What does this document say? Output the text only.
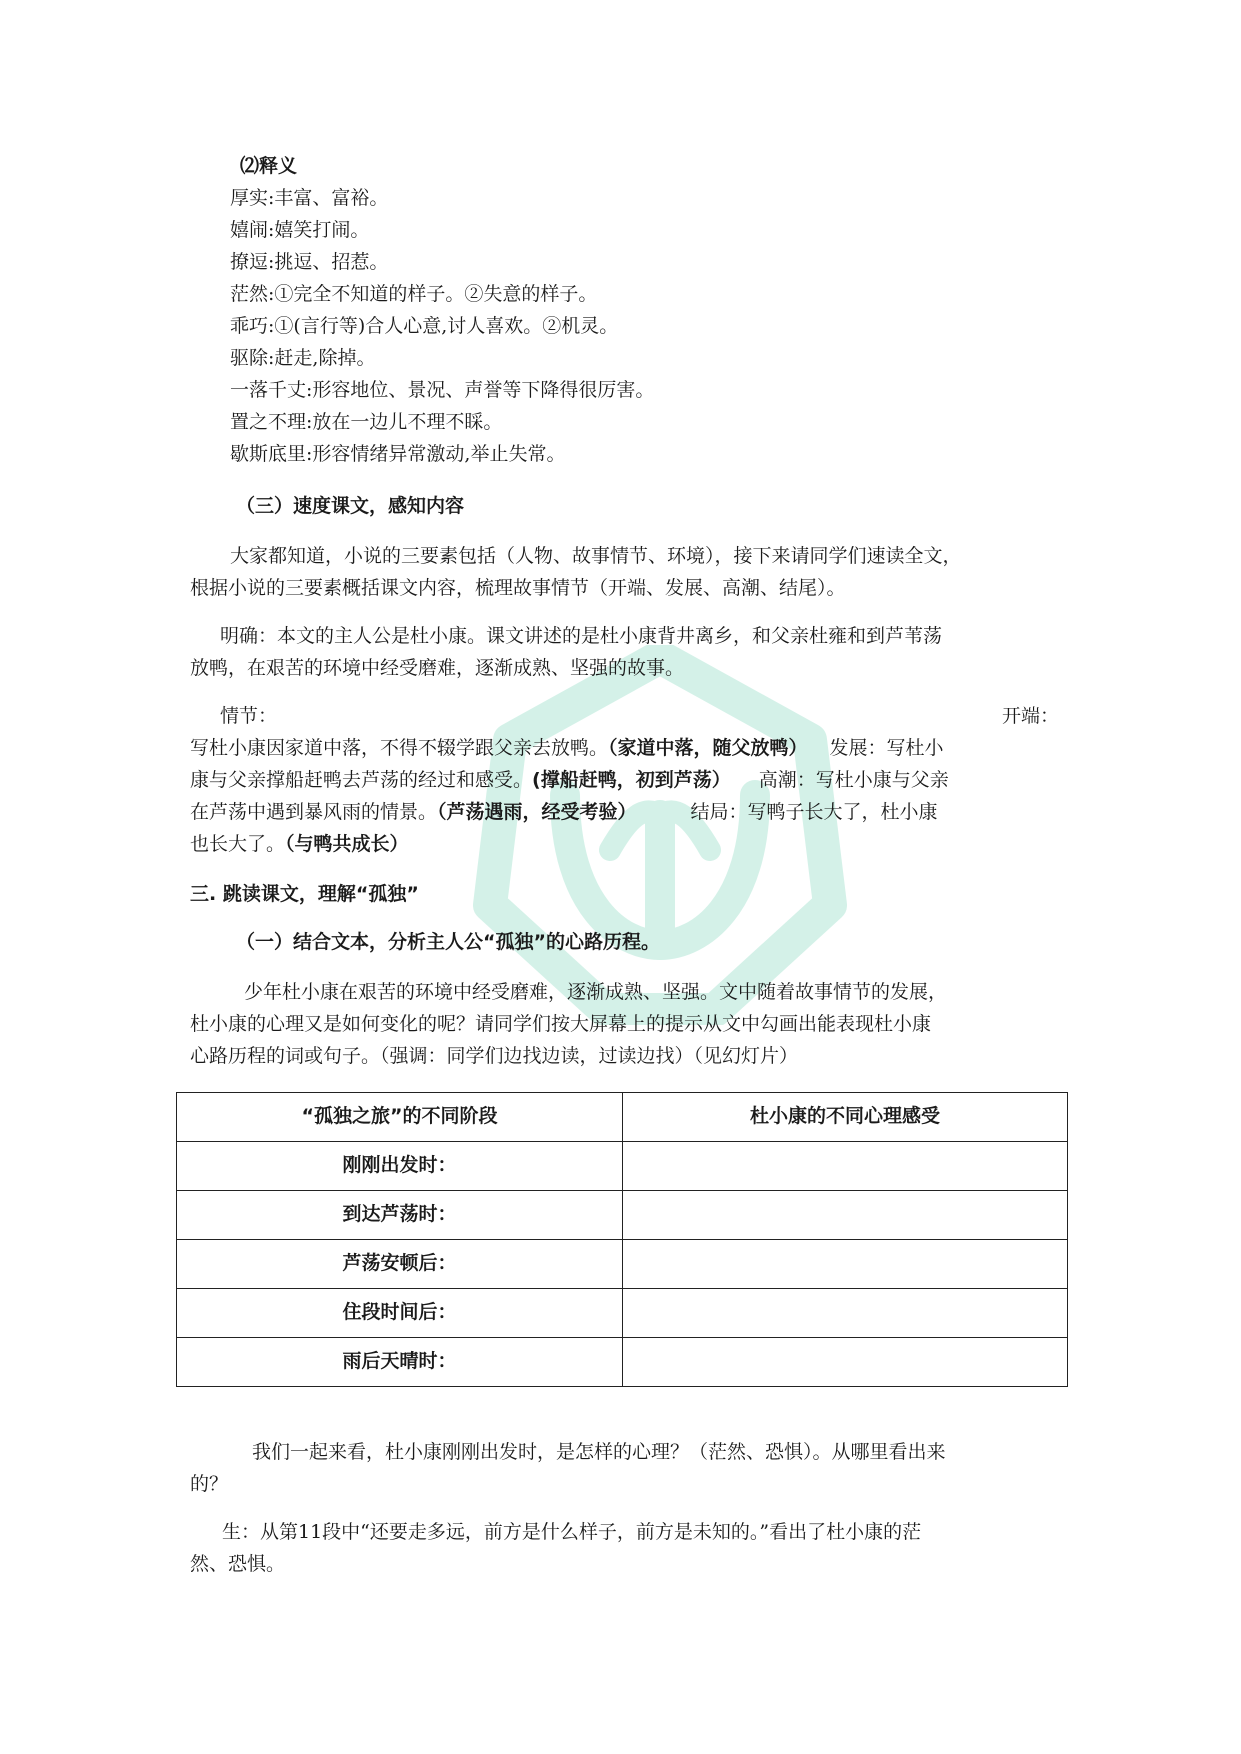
⑵释义
厚实:丰富、富裕。
嬉闹:嬉笑打闹。
撩逗:挑逗、招惹。
茫然:①完全不知道的样子。②失意的样子。
乖巧:①(言行等)合人心意,讨人喜欢。②机灵。
驱除:赶走,除掉。
一落千丈:形容地位、景况、声誉等下降得很厉害。
置之不理:放在一边儿不理不睬。
歇斯底里:形容情绪异常激动,举止失常。
（三）速度课文，感知内容
大家都知道，小说的三要素包括（人物、故事情节、环境），接下来请同学们速读全文，
根据小说的三要素概括课文内容，梳理故事情节（开端、发展、高潮、结尾）。
明确：本文的主人公是杜小康。课文讲述的是杜小康背井离乡，和父亲杜雍和到芦苇荡
放鸭，在艰苦的环境中经受磨难，逐渐成熟、坚强的故事。
情节：	开端：
写杜小康因家道中落，不得不辍学跟父亲去放鸭。（家道中落，随父放鸭） 发展：写杜小
康与父亲撑船赶鸭去芦荡的经过和感受。(撑船赶鸭，初到芦荡） 高潮：写杜小康与父亲
在芦荡中遇到暴风雨的情景。（芦荡遇雨，经受考验）	结局：写鸭子长大了，杜小康
也长大了。（与鸭共成长）
三. 跳读课文，理解“孤独”
（一）结合文本，分析主人公“孤独”的心路历程。
少年杜小康在艰苦的环境中经受磨难，逐渐成熟、坚强。文中随着故事情节的发展，
杜小康的心理又是如何变化的呢？请同学们按大屏幕上的提示从文中勾画出能表现杜小康
心路历程的词或句子。（强调：同学们边找边读，过读边找）（见幻灯片）
“孤独之旅”的不同阶段	杜小康的不同心理感受

刚刚出发时：	

到达芦荡时：	

芦荡安顿后：	

住段时间后：	

雨后天晴时：	

我们一起来看，杜小康刚刚出发时，是怎样的心理？（茫然、恐惧）。从哪里看出来
的？
生：从第11段中“还要走多远，前方是什么样子，前方是未知的。”看出了杜小康的茫
然、恐惧。
